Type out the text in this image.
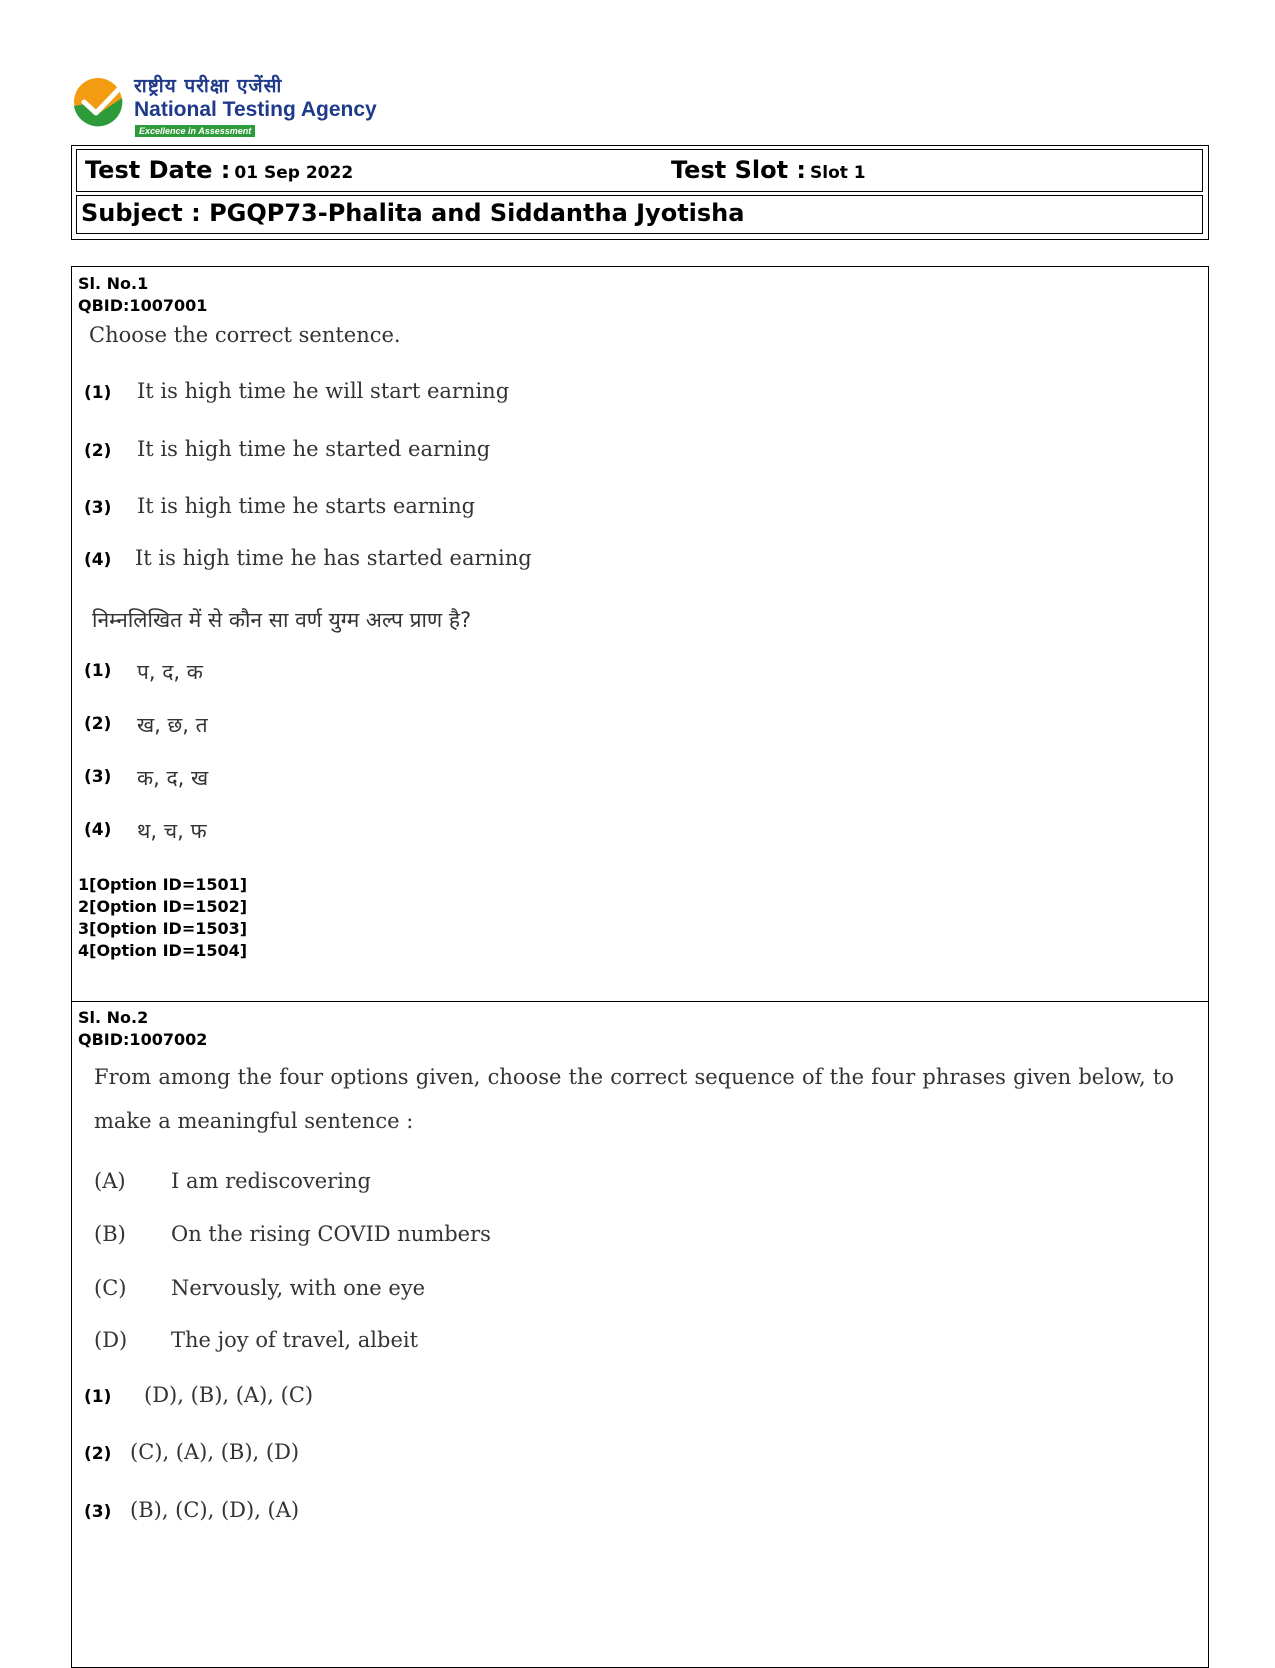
राष्ट्रीय परीक्षा एजेंसी
National Testing Agency
Excellence in Assessment
Test Date : 01 Sep 2022	Test Slot : Slot 1
Subject : PGQP73-Phalita and Siddantha Jyotisha
Sl. No.1
QBID:1007001
Choose the correct sentence.
(1) It is high time he will start earning
(2) It is high time he started earning
(3) It is high time he starts earning
(4) It is high time he has started earning
निम्नलिखित में से कौन सा वर्ण युग्म अल्प प्राण है?
(1) प, द, क
(2) ख, छ, त
(3) क, द, ख
(4) थ, च, फ
1[Option ID=1501]
2[Option ID=1502]
3[Option ID=1503]
4[Option ID=1504]
Sl. No.2
QBID:1007002
From among the four options given, choose the correct sequence of the four phrases given below, to make a meaningful sentence :
(A) I am rediscovering
(B) On the rising COVID numbers
(C) Nervously, with one eye
(D) The joy of travel, albeit
(1) (D), (B), (A), (C)
(2) (C), (A), (B), (D)
(3) (B), (C), (D), (A)
